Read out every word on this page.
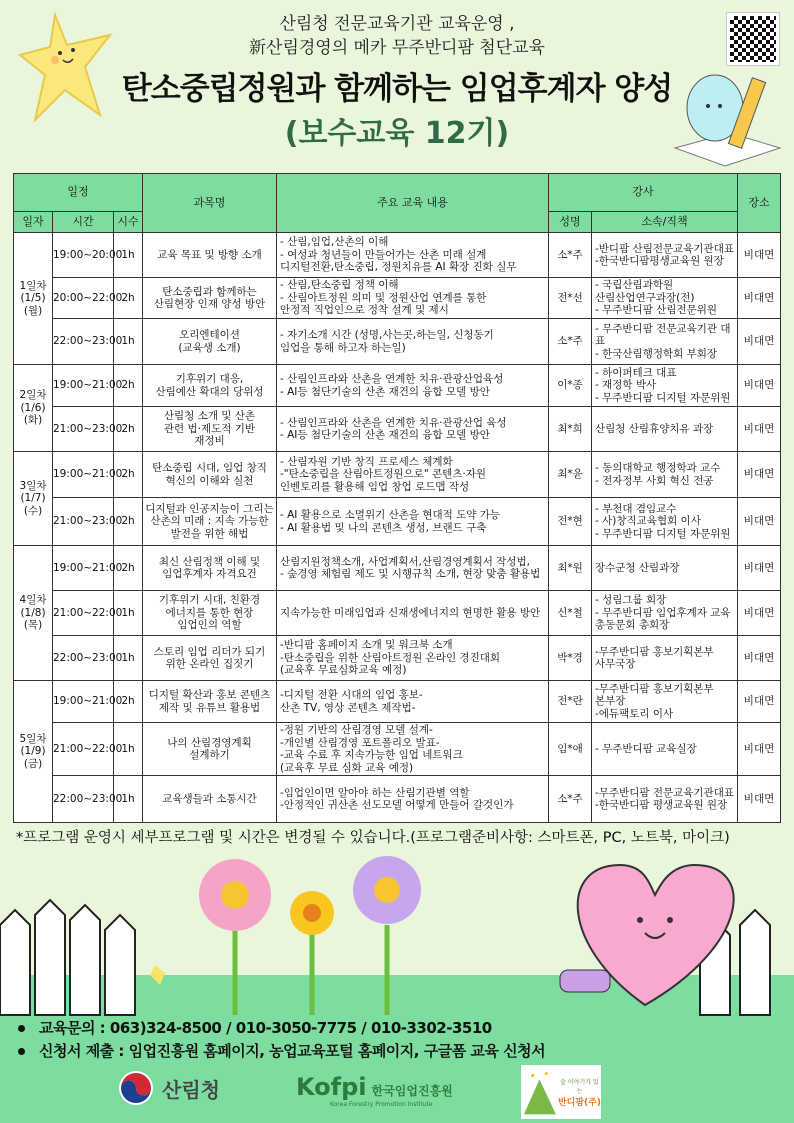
산림청 전문교육기관 교육운영 ,
新산림경영의 메카 무주반디팜 첨단교육
탄소중립정원과 함께하는 임업후계자 양성
(보수교육 12기)
일정			과목명	주요 교육 내용	강사		장소
일자	시간	시수			성명	소속/직책	
1일차
(1/5)
(월)	19:00~20:00	1h	교육 목표 및 방향 소개	- 산림,임업,산촌의 이해
- 여성과 청년들이 만들어가는 산촌 미래 설계
디지털전환,탄소중립, 정원치유를 AI 확장 진화 실무	소*주	-반디팜 산림전문교육기관대표
-한국반디팜평생교육원 원장	비대면
	20:00~22:00	2h	탄소중립과 함께하는
산림현장 인재 양성 방안	- 산림,탄소중립 정책 이해
- 산림아트정원 의미 및 정원산업 연계를 통한
안정적 직업인으로 정착 설계 및 제시	전*선	- 국립산림과학원
산림산업연구과장(전)
- 무주반디팜 산림전문위원	비대면
	22:00~23:00	1h	오리엔테이션
(교육생 소개)	- 자기소개 시간 (성명,사는곳,하는일, 신청동기
임업을 통해 하고자 하는일)	소*주	- 무주반디팜 전문교육기관 대표
- 한국산림행정학회 부회장	비대면
2일차
(1/6)
(화)	19:00~21:00	2h	기후위기 대응,
산림예산 확대의 당위성	- 산림인프라와 산촌을 연계한 치유·관광산업육성
- AI등 첨단기술의 산촌 재건의 융합 모델 방안	이*종	- 하이퍼테크 대표
- 재정학 박사
- 무주반디팜 디지털 자문위원	비대면
	21:00~23:00	2h	산림청 소개 및 산촌
관련 법·제도적 기반
재정비	- 산림인프라와 산촌을 연계한 치유·관광산업 육성
- AI등 첨단기술의 산촌 재건의 융합 모델 방안	최*희	산림청 산림휴양치유 과장	비대면
3일차
(1/7)
(수)	19:00~21:00	2h	탄소중립 시대, 임업 창직
혁신의 이해와 실천	- 산림자원 기반 창직 프로세스 체계화
-"탄소중립을 산림아트정원으로" 콘텐츠·자원
인벤토리를 활용해 임업 창업 로드맵 작성	최*윤	- 동의대학교 행정학과 교수
- 전자정부 사회 혁신 전공	비대면
	21:00~23:00	2h	디지털과 인공지능이 그리는
산촌의 미래 : 지속 가능한
발전을 위한 해법	- AI 활용으로 소멸위기 산촌을 현대적 도약 가능
- AI 활용법 및 나의 콘텐츠 생성, 브랜드 구축	전*현	- 부천대 겸임교수
- 사)창직교육협회 이사
- 무주반디팜 디지털 자문위원	비대면
4일차
(1/8)
(목)	19:00~21:00	2h	최신 산림정책 이해 및
임업후계자 자격요건	산림지원정책소개, 사업계획서,산림경영계획서 작성법,
- 숲경영 체험림 제도 및 시행규칙 소개, 현장 맞춤 활용법	최*원	장수군청 산림과장	비대면
	21:00~22:00	1h	기후위기 시대, 친환경
에너지를 통한 현장
임업인의 역할	지속가능한 미래임업과 신재생에너지의 현명한 활용 방안	신*철	- 성림그룹 회장
- 무주반디팜 임업후계자 교육
총동문회 총회장	비대면
	22:00~23:00	1h	스토리 임업 리더가 되기
위한 온라인 집짓기	-반디팜 홈페이지 소개 및 워크북 소개
-탄소중립을 위한 산림아트정원 온라인 경진대회
(교육후 무료심화교육 예정)	박*경	-무주반디팜 홍보기획본부
사무국장	비대면
5일차
(1/9)
(금)	19:00~21:00	2h	디지털 확산과 홍보 콘텐츠
제작 및 유튜브 활용법	-디지털 전환 시대의 임업 홍보-
산촌 TV, 영상 콘텐츠 제작법-	전*란	-무주반디팜 홍보기획본부
본부장
-에듀팩토리 이사	비대면
	21:00~22:00	1h	나의 산림경영계획
설계하기	-정원 기반의 산림경영 모델 설계-
-개인별 산림경영 포트폴리오 발표-
-교육 수료 후 지속가능한 임업 네트워크
(교육후 무료 심화 교육 예정)	임*애	- 무주반디팜 교육실장	비대면
	22:00~23:00	1h	교육생들과 소통시간	-임업인이면 알아야 하는 산림기관별 역할
-안정적인 귀산촌 선도모델 어떻게 만들어 갈것인가	소*주	-무주반디팜 전문교육기관대표
-한국반디팜 평생교육원 원장	비대면
*프로그램 운영시 세부프로그램 및 시간은 변경될 수 있습니다.(프로그램준비사항: 스마트폰, PC, 노트북, 마이크)
교육문의 : 063)324-8500 / 010-3050-7775 / 010-3302-3510
신청서 제출 : 임업진흥원 홈페이지, 농업교육포털 홈페이지, 구글폼 교육 신청서
산림청	Kofpi 한국임업진흥원
Korea Forestry Promotion Institute
숲 이야기가 있는
반디팜(주)
